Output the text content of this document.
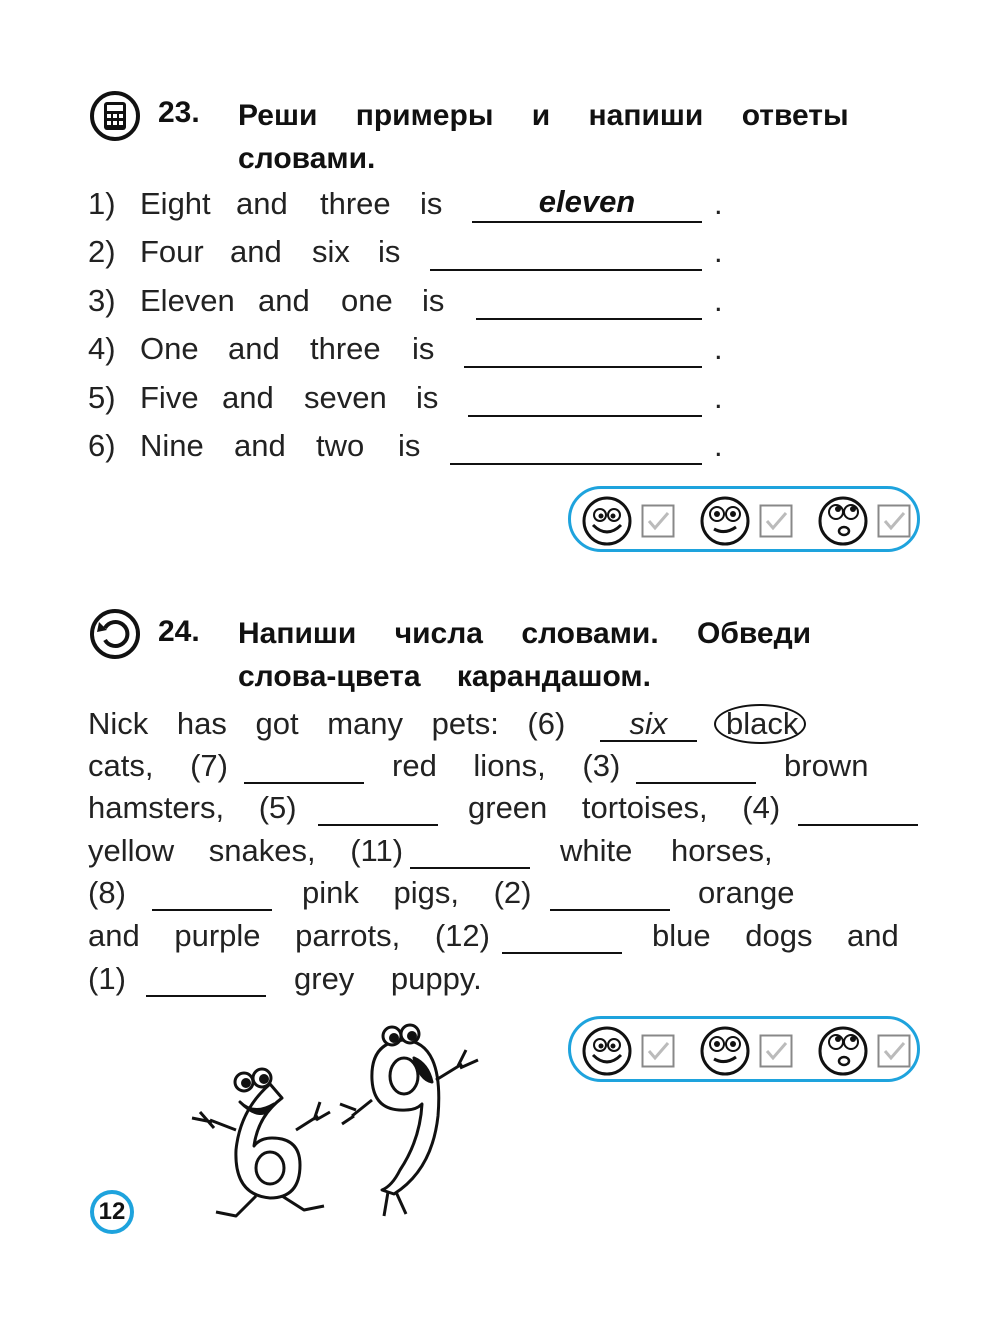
23. Реши примеры и напиши ответы
словами.
1) Eight and three is	eleven	.
2) Four and six is	.
3) Eleven and one is	.
4) One and three is	.
5) Five and seven is	.
6) Nine and two is	.
24. Напиши числа словами. Обведи
слова-цвета карандашом.
Nick has got many pets: (6)	six	black
cats, (7)	red lions, (3)	brown
hamsters, (5)	green tortoises, (4)
yellow snakes, (11)	white horses,
(8)	pink pigs, (2)	orange
and purple parrots, (12)	blue dogs and
(1)	grey puppy.
12
